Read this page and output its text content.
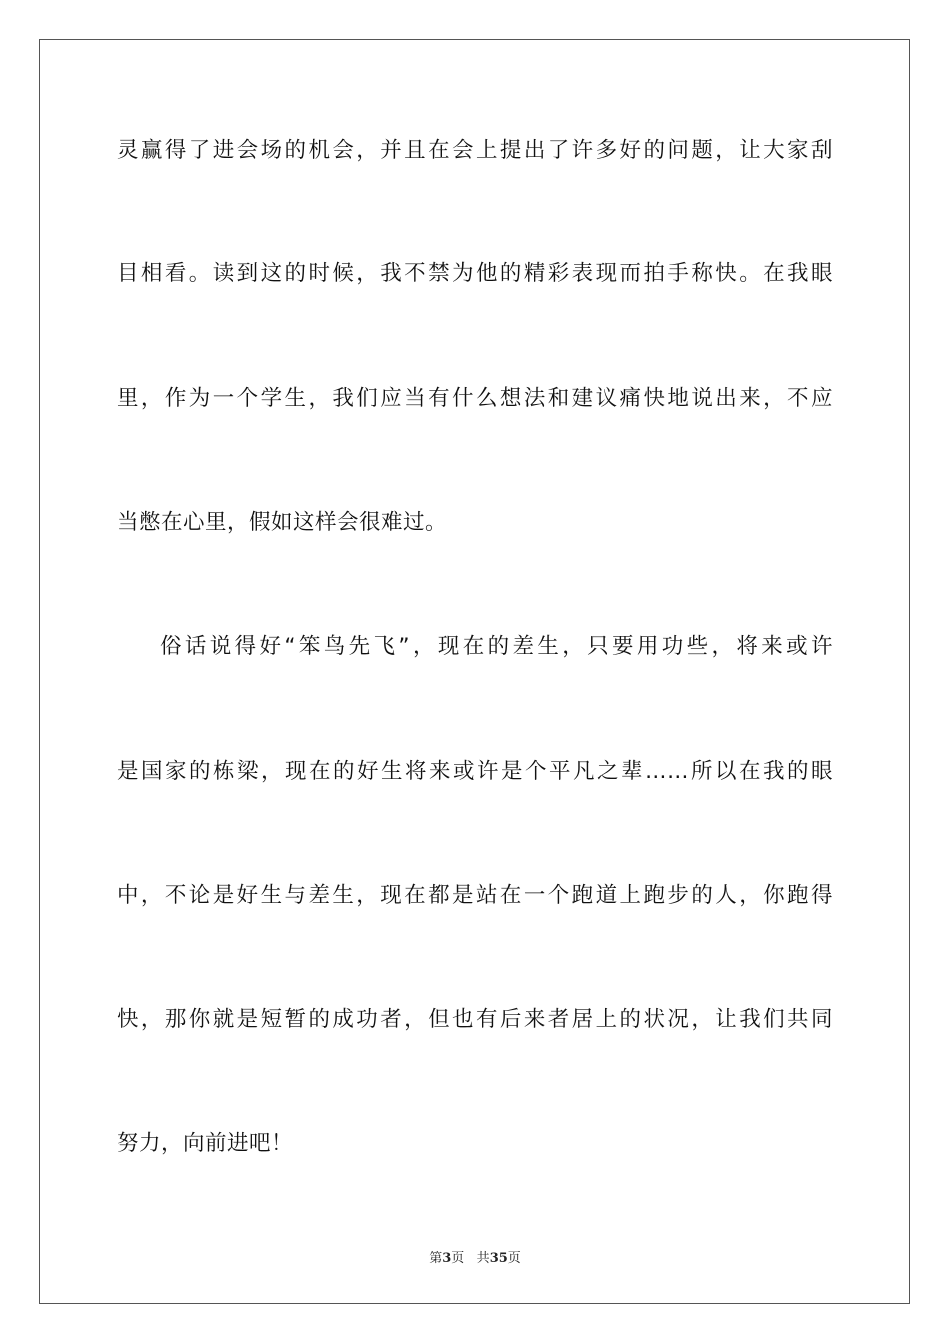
灵赢得了进会场的机会，并且在会上提出了许多好的问题，让大家刮

目相看。读到这的时候，我不禁为他的精彩表现而拍手称快。在我眼

里，作为一个学生，我们应当有什么想法和建议痛快地说出来，不应

当憋在心里，假如这样会很难过。

俗话说得好“笨鸟先飞”，现在的差生，只要用功些，将来或许

是国家的栋梁，现在的好生将来或许是个平凡之辈……所以在我的眼

中，不论是好生与差生，现在都是站在一个跑道上跑步的人，你跑得

快，那你就是短暂的成功者，但也有后来者居上的状况，让我们共同

努力，向前进吧！

第3页 共35页
